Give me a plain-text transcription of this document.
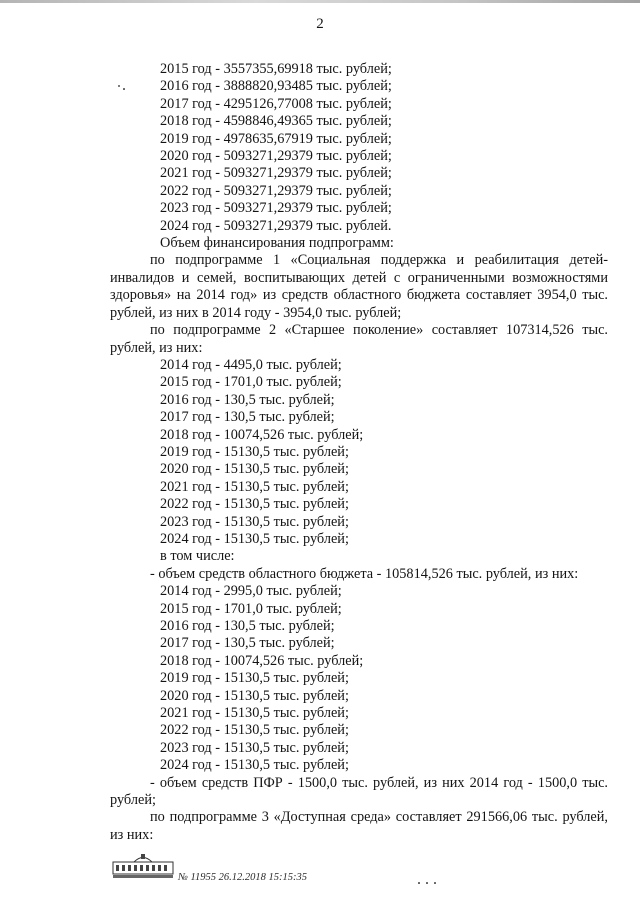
2
2015 год - 3557355,69918 тыс. рублей;
2016 год - 3888820,93485 тыс. рублей;
2017 год - 4295126,77008 тыс. рублей;
2018 год - 4598846,49365 тыс. рублей;
2019 год - 4978635,67919 тыс. рублей;
2020 год - 5093271,29379 тыс. рублей;
2021 год - 5093271,29379 тыс. рублей;
2022 год - 5093271,29379 тыс. рублей;
2023 год - 5093271,29379 тыс. рублей;
2024 год - 5093271,29379 тыс. рублей.
Объем финансирования подпрограмм:

по подпрограмме 1 «Социальная поддержка и реабилитация детей-инвалидов и семей, воспитывающих детей с ограниченными возможностями здоровья» на 2014 год» из средств областного бюджета составляет 3954,0 тыс. рублей, из них в 2014 году - 3954,0 тыс. рублей;

по подпрограмме 2 «Старшее поколение» составляет 107314,526 тыс. рублей, из них:

2014 год - 4495,0 тыс. рублей;
2015 год - 1701,0 тыс. рублей;
2016 год - 130,5 тыс. рублей;
2017 год - 130,5 тыс. рублей;
2018 год - 10074,526 тыс. рублей;
2019 год - 15130,5 тыс. рублей;
2020 год - 15130,5 тыс. рублей;
2021 год - 15130,5 тыс. рублей;
2022 год - 15130,5 тыс. рублей;
2023 год - 15130,5 тыс. рублей;
2024 год - 15130,5 тыс. рублей;
в том числе:
- объем средств областного бюджета - 105814,526 тыс. рублей, из них:
2014 год - 2995,0 тыс. рублей;
2015 год - 1701,0 тыс. рублей;
2016 год - 130,5 тыс. рублей;
2017 год - 130,5 тыс. рублей;
2018 год - 10074,526 тыс. рублей;
2019 год - 15130,5 тыс. рублей;
2020 год - 15130,5 тыс. рублей;
2021 год - 15130,5 тыс. рублей;
2022 год - 15130,5 тыс. рублей;
2023 год - 15130,5 тыс. рублей;
2024 год - 15130,5 тыс. рублей;

- объем средств ПФР - 1500,0 тыс. рублей, из них 2014 год - 1500,0 тыс. рублей;

по подпрограмме 3 «Доступная среда» составляет 291566,06 тыс. рублей, из них:

№ 11955 26.12.2018 15:15:35
